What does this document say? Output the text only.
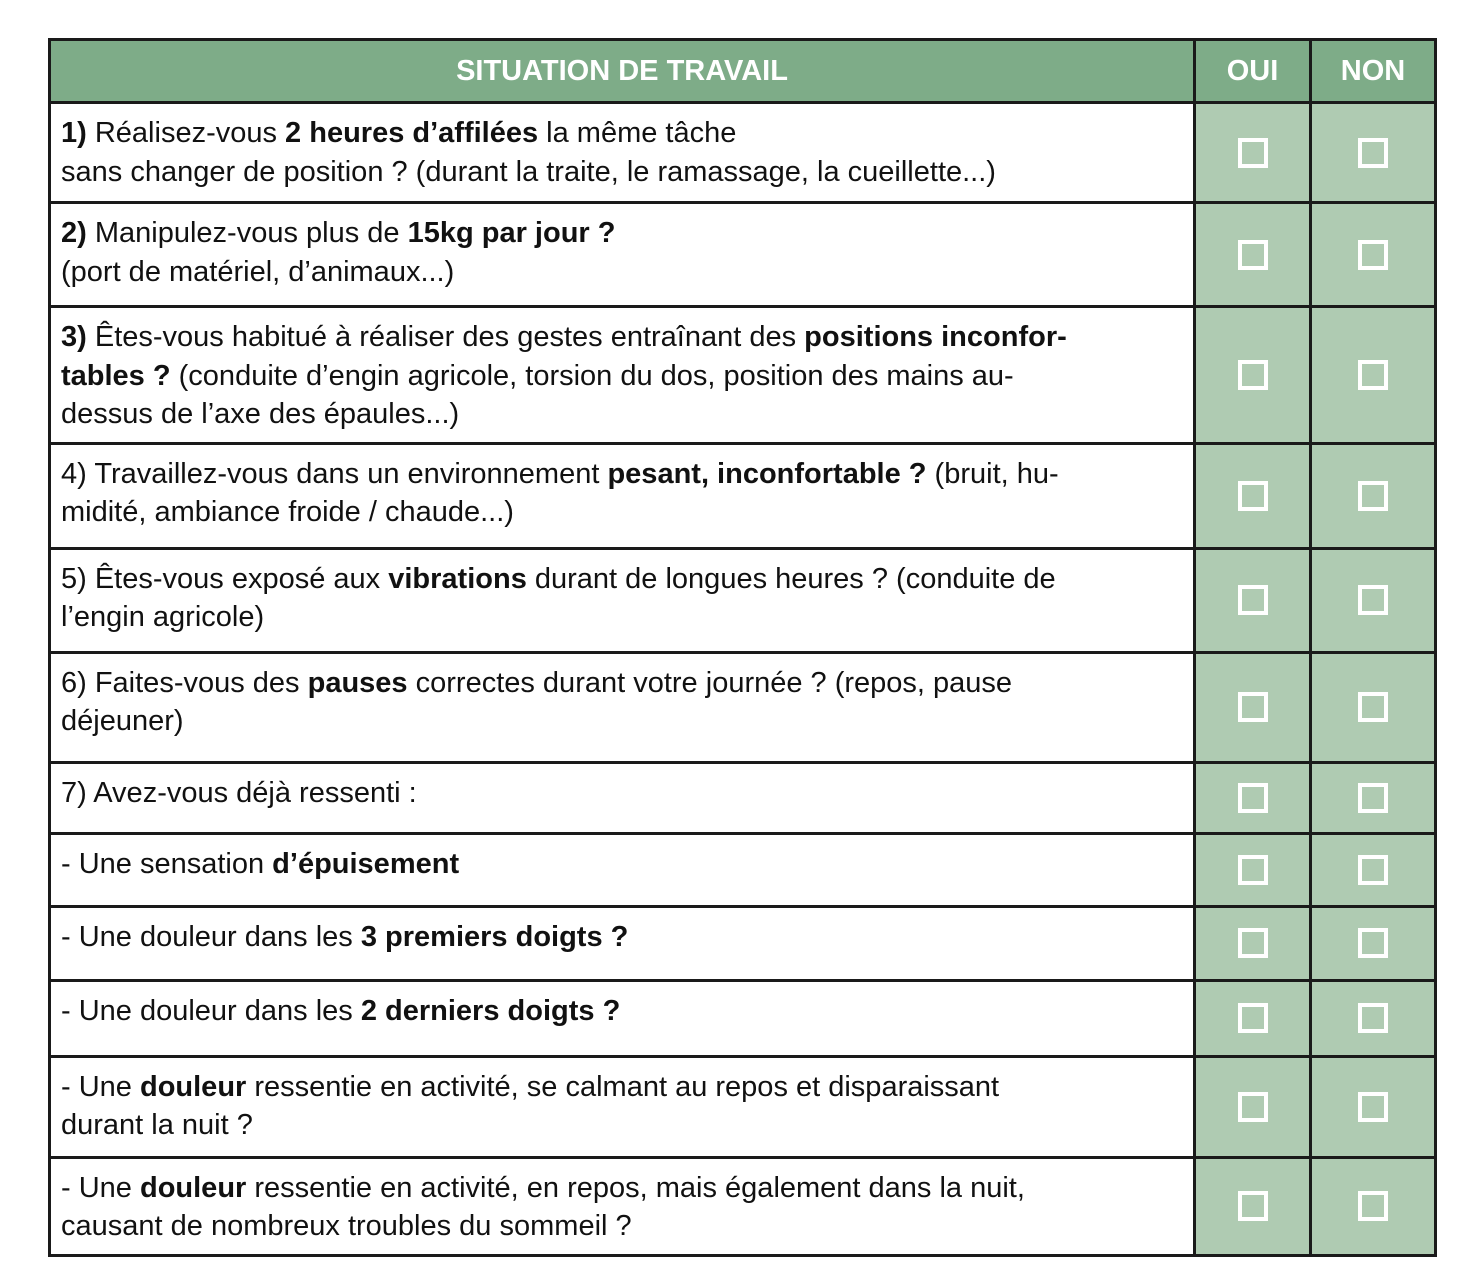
SITUATION DE TRAVAIL	OUI	NON
1) Réalisez-vous 2 heures d’affilées la même tâche
sans changer de position ? (durant la traite, le ramassage, la cueillette...)		
2) Manipulez-vous plus de 15kg par jour ?
(port de matériel, d’animaux...)		
3) Êtes-vous habitué à réaliser des gestes entraînant des positions inconfor-
tables ? (conduite d’engin agricole, torsion du dos, position des mains au-
dessus de l’axe des épaules...)		
4) Travaillez-vous dans un environnement pesant, inconfortable ? (bruit, hu-
midité, ambiance froide / chaude...)		
5) Êtes-vous exposé aux vibrations durant de longues heures ? (conduite de
l’engin agricole)		
6) Faites-vous des pauses correctes durant votre journée ? (repos, pause
déjeuner)		
7) Avez-vous déjà ressenti :		
- Une sensation d’épuisement		
- Une douleur dans les 3 premiers doigts ?		
- Une douleur dans les 2 derniers doigts ?		
- Une douleur ressentie en activité, se calmant au repos et disparaissant
durant la nuit ?		
- Une douleur ressentie en activité, en repos, mais également dans la nuit,
causant de nombreux troubles du sommeil ?		
